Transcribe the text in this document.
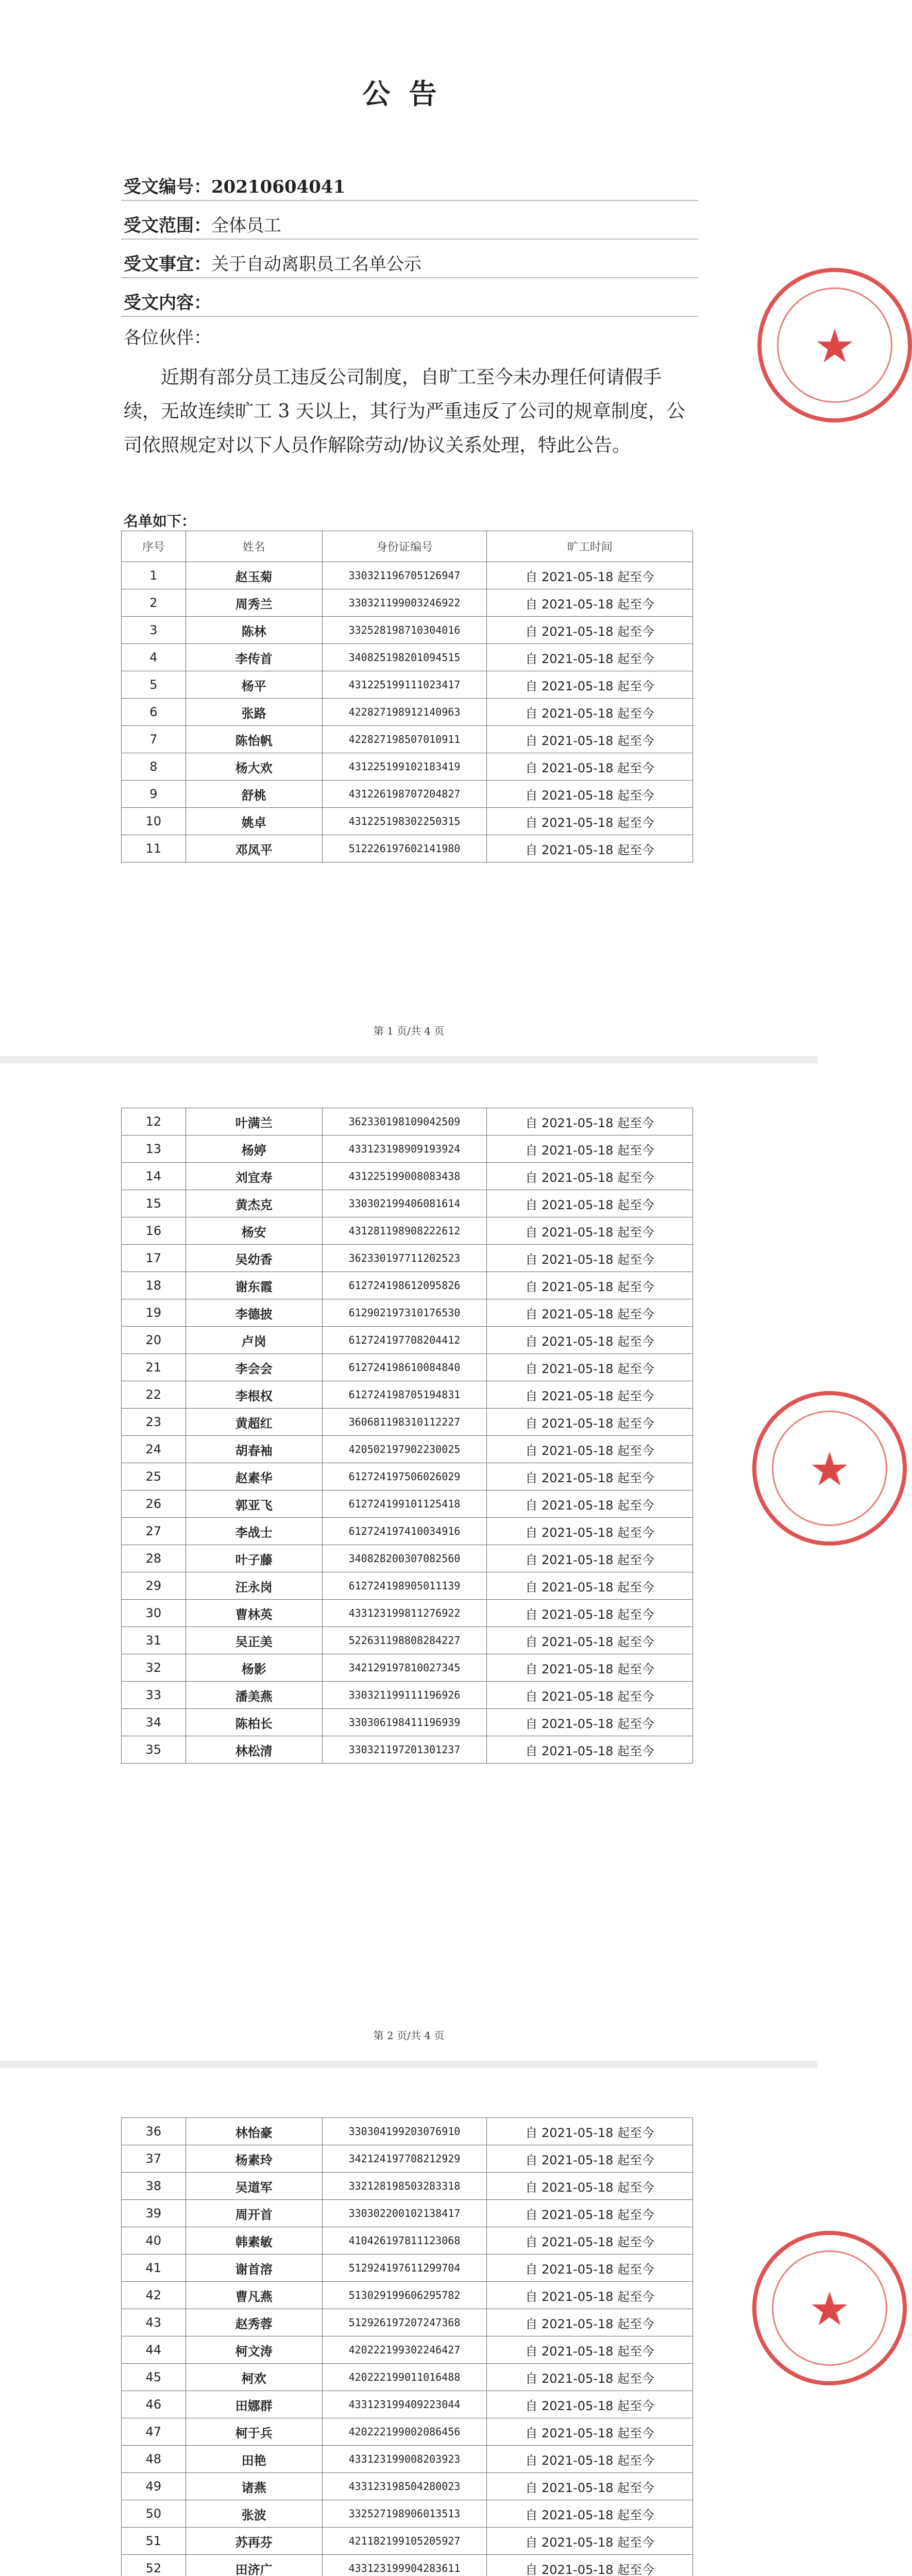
公告
受文编号：20210604041
受文范围：全体员工
受文事宜：关于自动离职员工名单公示
受文内容：
各位伙伴：
近期有部分员工违反公司制度，自旷工至今未办理任何请假手续，无故连续旷工 3 天以上，其行为严重违反了公司的规章制度，公司依照规定对以下人员作解除劳动/协议关系处理，特此公告。
名单如下：
序号	姓名	身份证编号	旷工时间
1	赵玉菊	330321196705126947	自 2021-05-18 起至今
2	周秀兰	330321199003246922	自 2021-05-18 起至今
3	陈林	332528198710304016	自 2021-05-18 起至今
4	李传首	340825198201094515	自 2021-05-18 起至今
5	杨平	431225199111023417	自 2021-05-18 起至今
6	张路	422827198912140963	自 2021-05-18 起至今
7	陈怡帆	422827198507010911	自 2021-05-18 起至今
8	杨大欢	431225199102183419	自 2021-05-18 起至今
9	舒桃	431226198707204827	自 2021-05-18 起至今
10	姚卓	431225198302250315	自 2021-05-18 起至今
11	邓凤平	512226197602141980	自 2021-05-18 起至今
第 1 页/共 4 页
12	叶满兰	362330198109042509	自 2021-05-18 起至今
13	杨婷	433123198909193924	自 2021-05-18 起至今
14	刘宜寿	431225199008083438	自 2021-05-18 起至今
15	黄杰克	330302199406081614	自 2021-05-18 起至今
16	杨安	431281198908222612	自 2021-05-18 起至今
17	吴幼香	362330197711202523	自 2021-05-18 起至今
18	谢东霞	612724198612095826	自 2021-05-18 起至今
19	李德披	612902197310176530	自 2021-05-18 起至今
20	卢岗	612724197708204412	自 2021-05-18 起至今
21	李会会	612724198610084840	自 2021-05-18 起至今
22	李根权	612724198705194831	自 2021-05-18 起至今
23	黄超红	360681198310112227	自 2021-05-18 起至今
24	胡春袖	420502197902230025	自 2021-05-18 起至今
25	赵素华	612724197506026029	自 2021-05-18 起至今
26	郭亚飞	612724199101125418	自 2021-05-18 起至今
27	李战士	612724197410034916	自 2021-05-18 起至今
28	叶子藤	340828200307082560	自 2021-05-18 起至今
29	汪永岗	612724198905011139	自 2021-05-18 起至今
30	曹林英	433123199811276922	自 2021-05-18 起至今
31	吴正美	522631198808284227	自 2021-05-18 起至今
32	杨影	342129197810027345	自 2021-05-18 起至今
33	潘美燕	330321199111196926	自 2021-05-18 起至今
34	陈柏长	330306198411196939	自 2021-05-18 起至今
35	林松清	330321197201301237	自 2021-05-18 起至今
第 2 页/共 4 页
36	林怡豪	330304199203076910	自 2021-05-18 起至今
37	杨素玲	342124197708212929	自 2021-05-18 起至今
38	吴道军	332128198503283318	自 2021-05-18 起至今
39	周开首	330302200102138417	自 2021-05-18 起至今
40	韩素敏	410426197811123068	自 2021-05-18 起至今
41	谢首溶	512924197611299704	自 2021-05-18 起至今
42	曹凡燕	513029199606295782	自 2021-05-18 起至今
43	赵秀蓉	512926197207247368	自 2021-05-18 起至今
44	柯文涛	420222199302246427	自 2021-05-18 起至今
45	柯欢	420222199011016488	自 2021-05-18 起至今
46	田娜群	433123199409223044	自 2021-05-18 起至今
47	柯于兵	420222199002086456	自 2021-05-18 起至今
48	田艳	433123199008203923	自 2021-05-18 起至今
49	诸燕	433123198504280023	自 2021-05-18 起至今
50	张波	332527198906013513	自 2021-05-18 起至今
51	苏再芬	421182199105205927	自 2021-05-18 起至今
52	田济广	433123199904283611	自 2021-05-18 起至今

★
★
★
